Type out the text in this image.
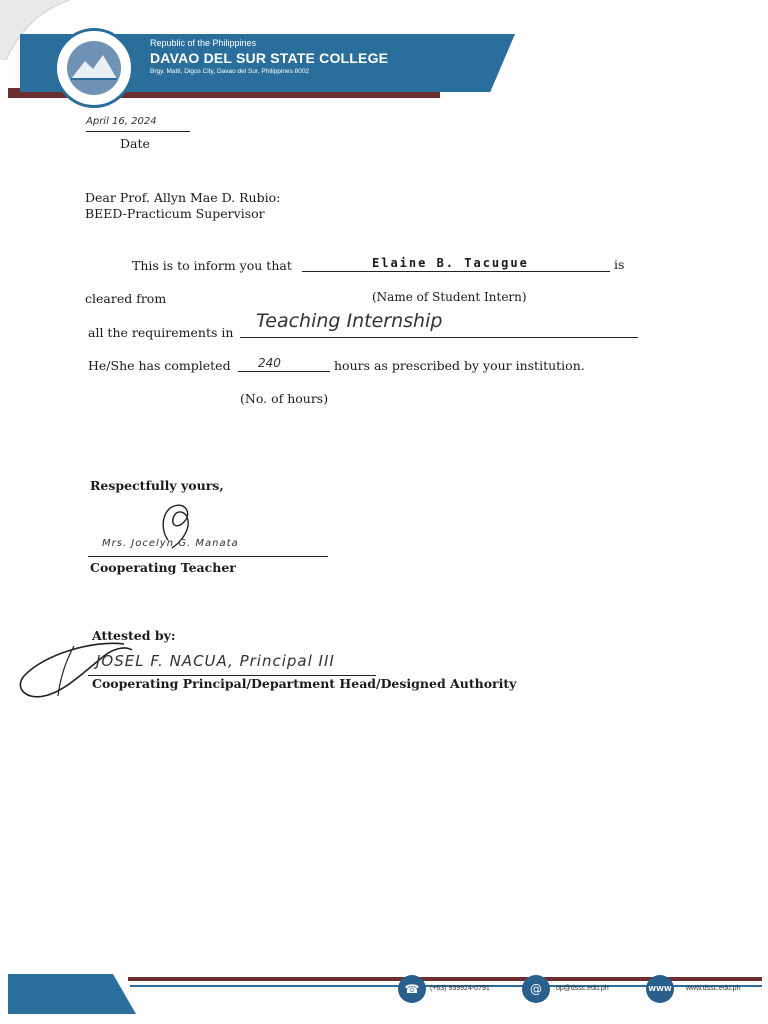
Republic of the Philippines
DAVAO DEL SUR STATE COLLEGE
Brgy. Matti, Digos City, Davao del Sur, Philippines 8002
April 16, 2024
Date
Dear Prof. Allyn Mae D. Rubio:
BEED-Practicum Supervisor
This is to inform you that	Elaine B. Tacugue	is
cleared from	(Name of Student Intern)
all the requirements in
Teaching Internship
He/She has completed 240	hours as prescribed by your institution.
(No. of hours)
Respectfully yours,
Mrs. Jocelyn G. Manata
Cooperating Teacher
Attested by:
JOSEL F. NACUA, Principal III
Cooperating Principal/Department Head/Designed Authority
☎	(+63) 939924-0791	@	op@dssc.edu.ph	WWW	www.dssc.edu.ph
